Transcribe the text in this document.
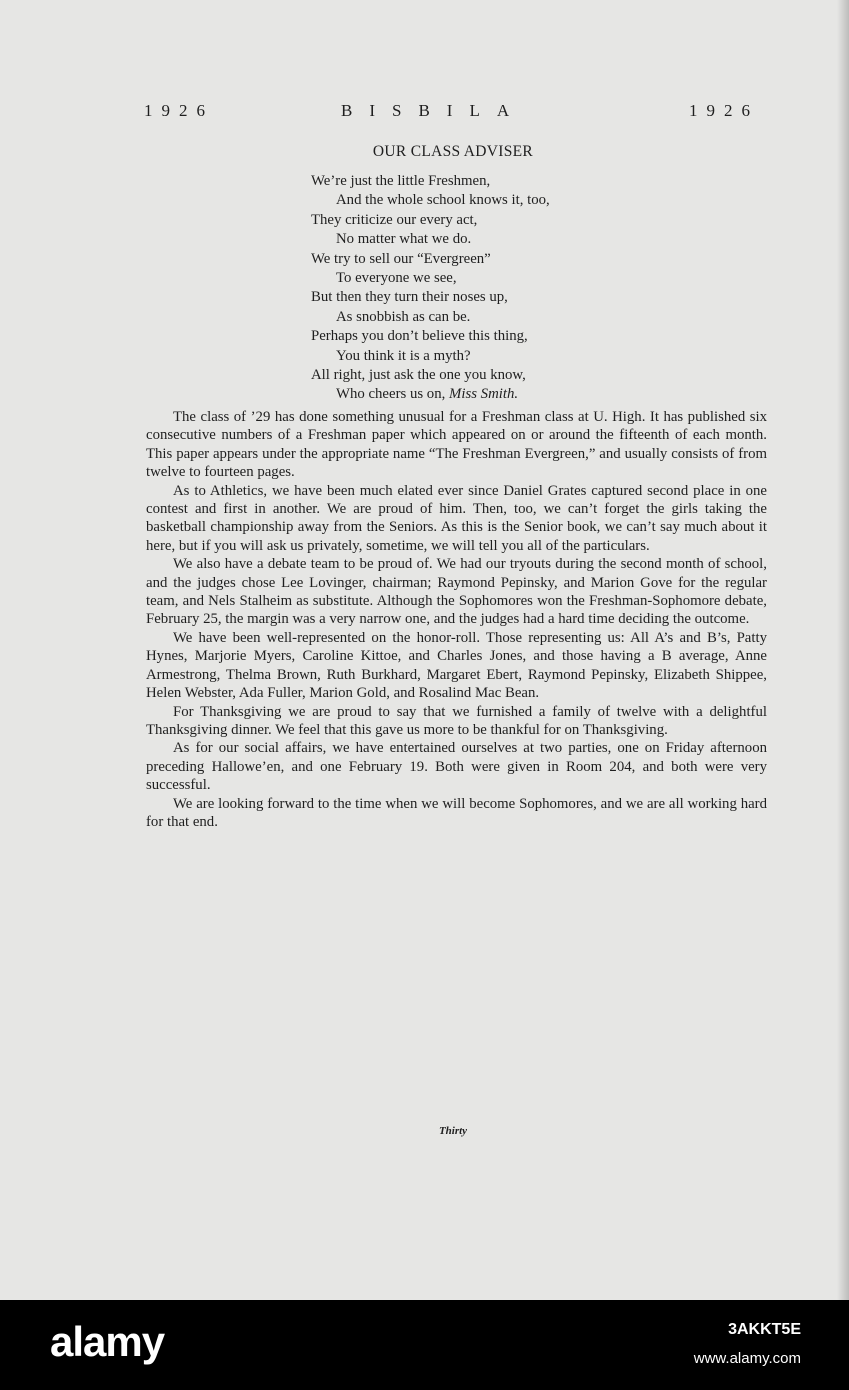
1926	BISBILA	1926
OUR CLASS ADVISER
We’re just the little Freshmen,
And the whole school knows it, too,
They criticize our every act,
No matter what we do.
We try to sell our “Evergreen”
To everyone we see,
But then they turn their noses up,
As snobbish as can be.
Perhaps you don’t believe this thing,
You think it is a myth?
All right, just ask the one you know,
Who cheers us on, Miss Smith.

The class of ’29 has done something unusual for a Freshman class at U. High. It has published six consecutive numbers of a Freshman paper which appeared on or around the fifteenth of each month. This paper appears under the appropriate name “The Freshman Evergreen,” and usually consists of from twelve to fourteen pages.

As to Athletics, we have been much elated ever since Daniel Grates captured second place in one contest and first in another. We are proud of him. Then, too, we can’t forget the girls taking the basketball championship away from the Seniors. As this is the Senior book, we can’t say much about it here, but if you will ask us privately, sometime, we will tell you all of the particulars.

We also have a debate team to be proud of. We had our tryouts during the second month of school, and the judges chose Lee Lovinger, chairman; Raymond Pepinsky, and Marion Gove for the regular team, and Nels Stalheim as substitute. Although the Sophomores won the Freshman-Sophomore debate, February 25, the margin was a very narrow one, and the judges had a hard time deciding the outcome.

We have been well-represented on the honor-roll. Those representing us: All A’s and B’s, Patty Hynes, Marjorie Myers, Caroline Kittoe, and Charles Jones, and those having a B average, Anne Armestrong, Thelma Brown, Ruth Burkhard, Margaret Ebert, Raymond Pepinsky, Elizabeth Shippee, Helen Webster, Ada Fuller, Marion Gold, and Rosalind Mac Bean.

For Thanksgiving we are proud to say that we furnished a family of twelve with a delightful Thanksgiving dinner. We feel that this gave us more to be thankful for on Thanksgiving.

As for our social affairs, we have entertained ourselves at two parties, one on Friday afternoon preceding Hallowe’en, and one February 19. Both were given in Room 204, and both were very successful.

We are looking forward to the time when we will become Sophomores, and we are all working hard for that end.

Thirty
alamy	3AKKT5E
www.alamy.com
